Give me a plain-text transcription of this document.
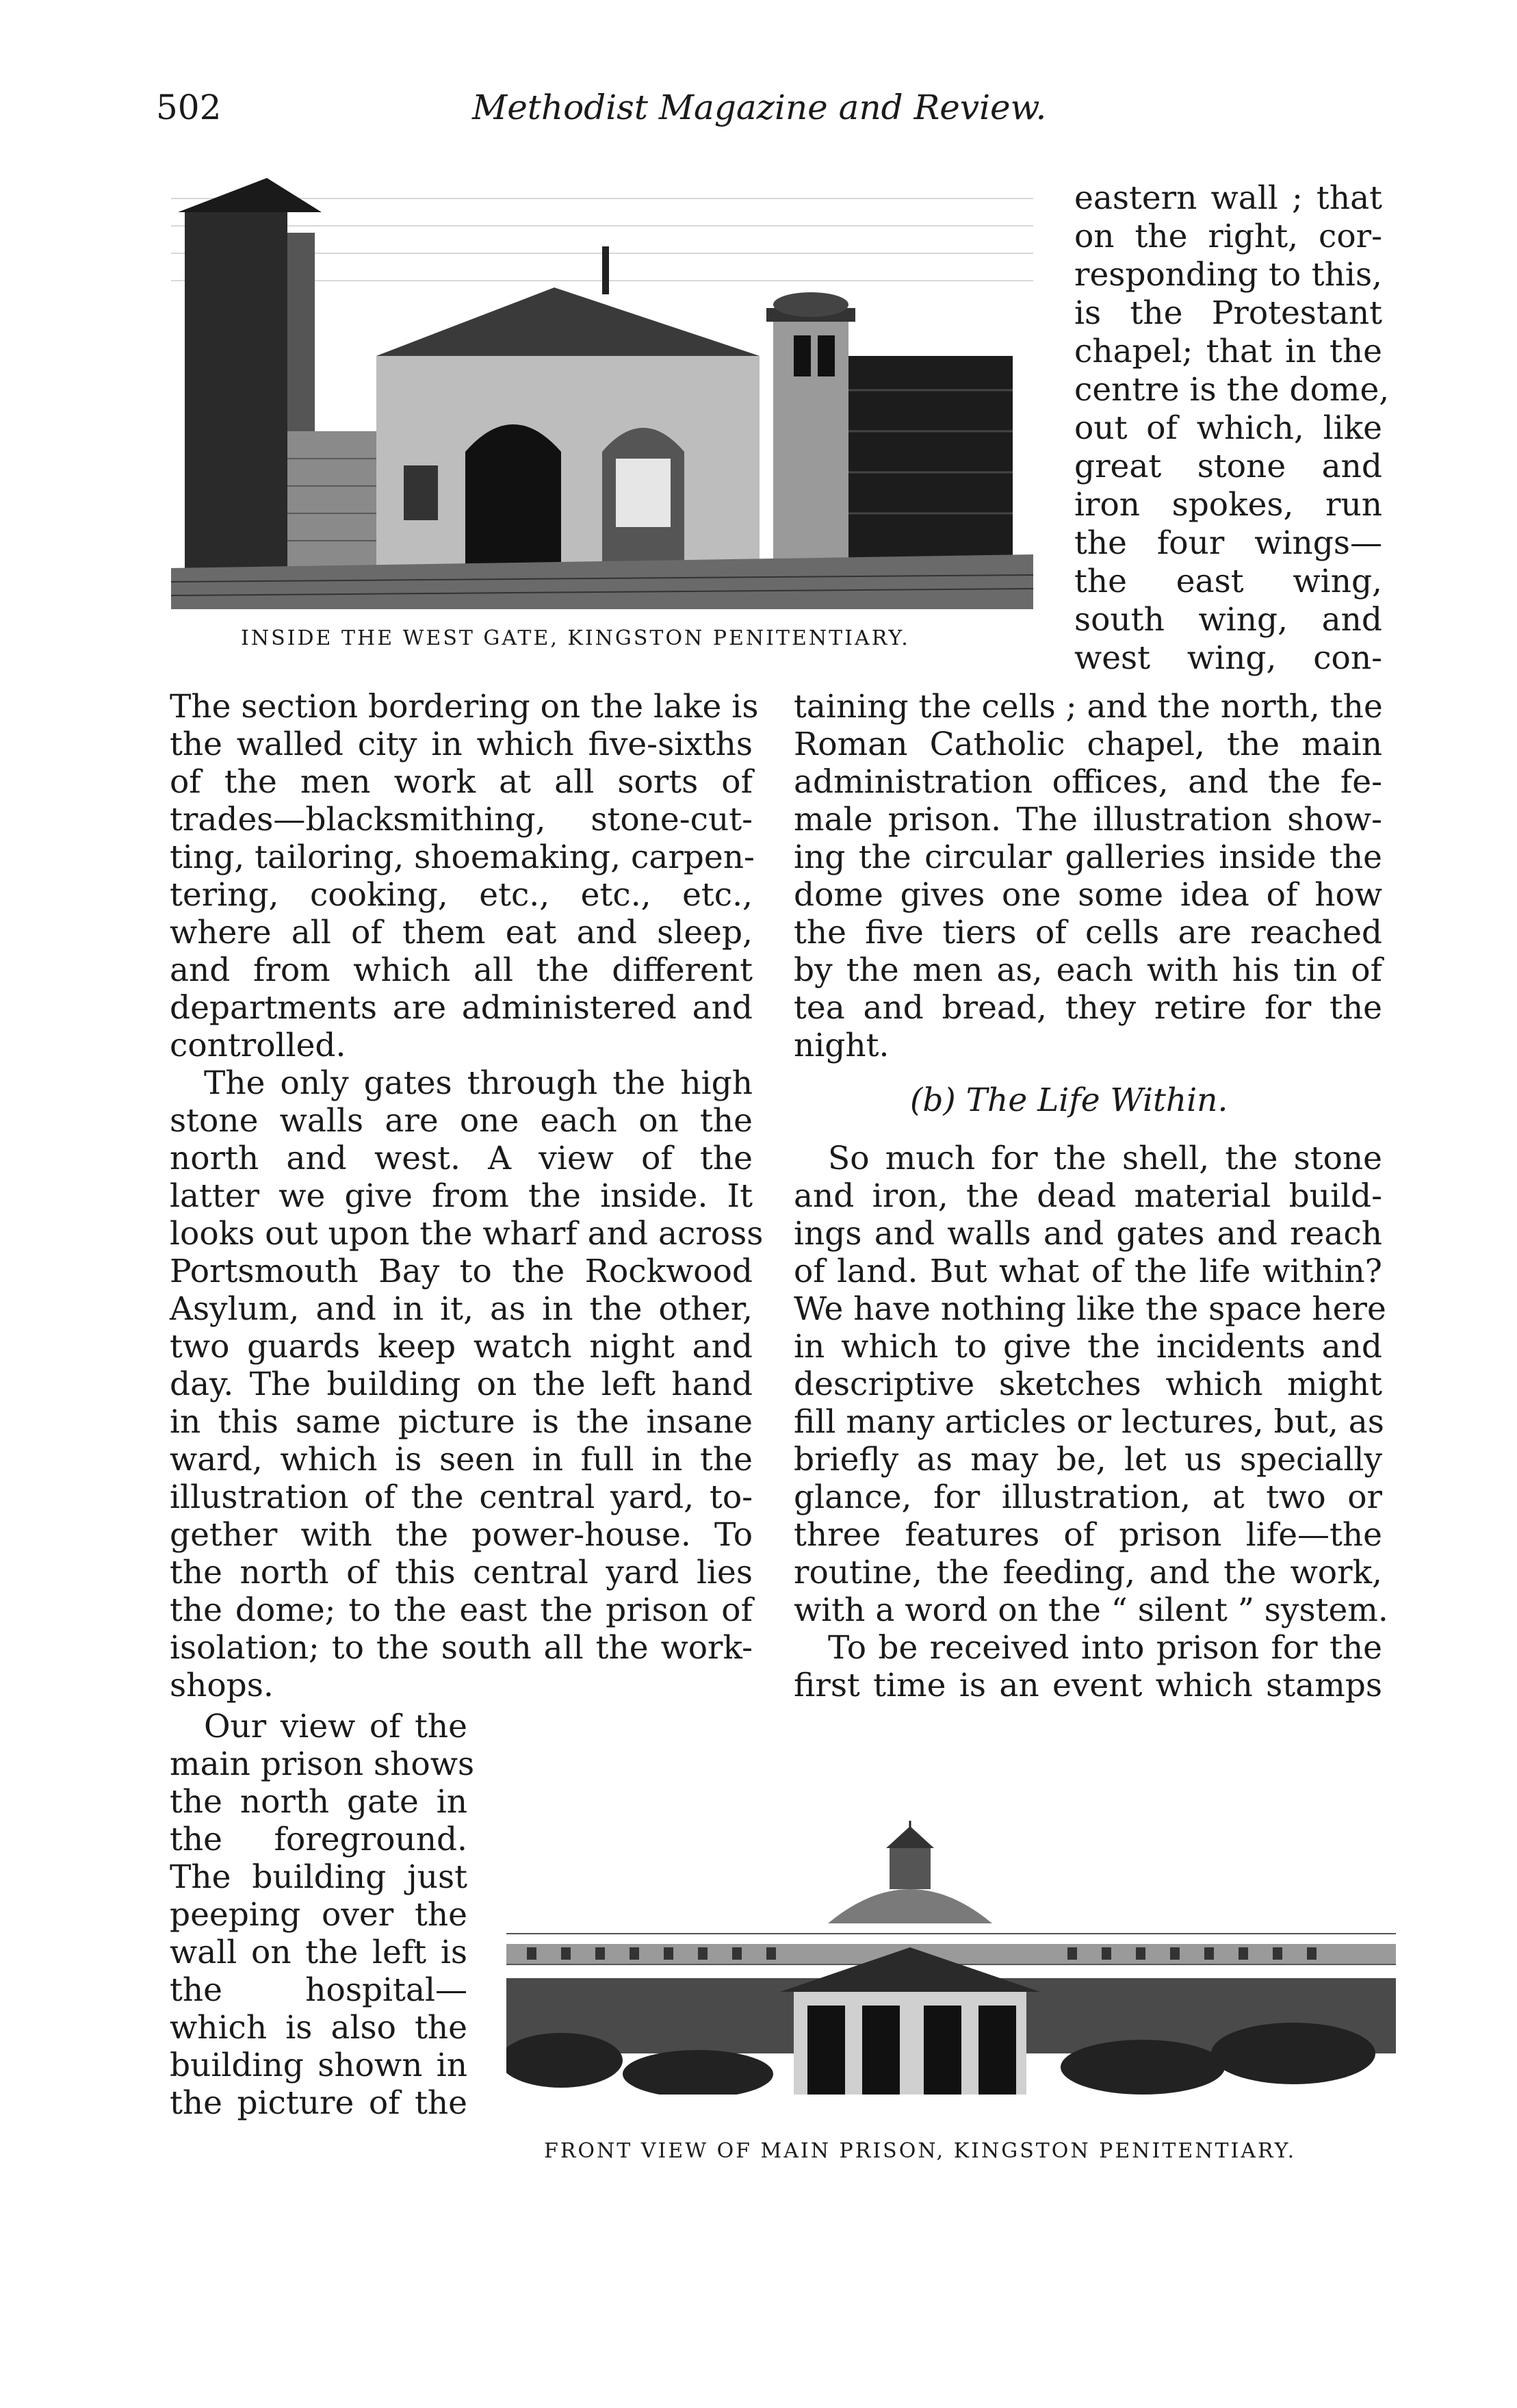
502	Methodist Magazine and Review.
INSIDE THE WEST GATE, KINGSTON PENITENTIARY.
eastern wall ; that
on the right, cor-
responding to this,
is the Protestant
chapel; that in the
centre is the dome,
out of which, like
great stone and
iron spokes, run
the four wings—
the east wing,
south wing, and
west wing, con-
The section bordering on the lake is
the walled city in which five-sixths
of the men work at all sorts of
trades—blacksmithing, stone-cut-
ting, tailoring, shoemaking, carpen-
tering, cooking, etc., etc., etc.,
where all of them eat and sleep,
and from which all the different
departments are administered and
controlled.
The only gates through the high
stone walls are one each on the
north and west. A view of the
latter we give from the inside. It
looks out upon the wharf and across
Portsmouth Bay to the Rockwood
Asylum, and in it, as in the other,
two guards keep watch night and
day. The building on the left hand
in this same picture is the insane
ward, which is seen in full in the
illustration of the central yard, to-
gether with the power-house. To
the north of this central yard lies
the dome; to the east the prison of
isolation; to the south all the work-
shops.
Our view of the
main prison shows
the north gate in
the foreground.
The building just
peeping over the
wall on the left is
the hospital—
which is also the
building shown in
the picture of the
taining the cells ; and the north, the
Roman Catholic chapel, the main
administration offices, and the fe-
male prison. The illustration show-
ing the circular galleries inside the
dome gives one some idea of how
the five tiers of cells are reached
by the men as, each with his tin of
tea and bread, they retire for the
night.
(b) The Life Within.
So much for the shell, the stone
and iron, the dead material build-
ings and walls and gates and reach
of land. But what of the life within?
We have nothing like the space here
in which to give the incidents and
descriptive sketches which might
fill many articles or lectures, but, as
briefly as may be, let us specially
glance, for illustration, at two or
three features of prison life—the
routine, the feeding, and the work,
with a word on the “ silent ” system.
To be received into prison for the
first time is an event which stamps
FRONT VIEW OF MAIN PRISON, KINGSTON PENITENTIARY.
